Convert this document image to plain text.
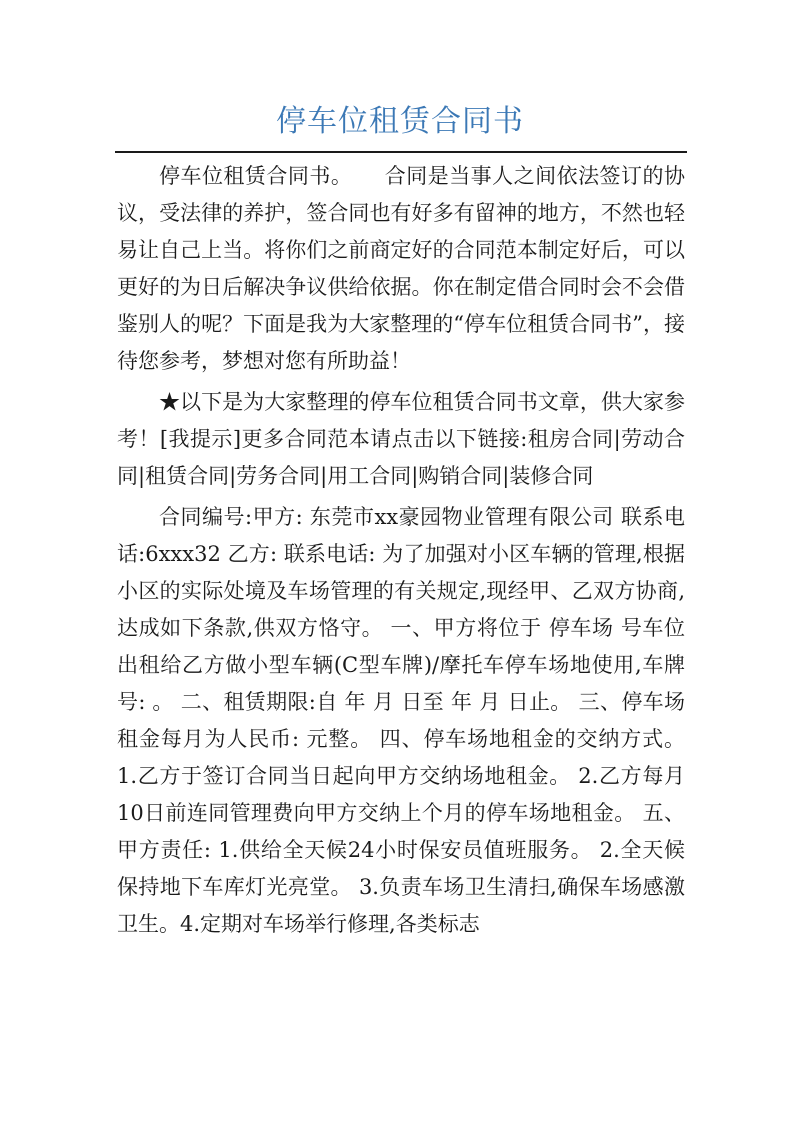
停车位租赁合同书

停车位租赁合同书。　　合同是当事人之间依法签订的协议，受法律的养护，签合同也有好多有留神的地方，不然也轻易让自己上当。将你们之前商定好的合同范本制定好后，可以更好的为日后解决争议供给依据。你在制定借合同时会不会借鉴别人的呢？下面是我为大家整理的“停车位租赁合同书”，接待您参考，梦想对您有所助益！

★以下是为大家整理的停车位租赁合同书文章，供大家参考！[我提示]更多合同范本请点击以下链接:租房合同|劳动合同|租赁合同|劳务合同|用工合同|购销合同|装修合同

合同编号:甲方: 东莞市xx豪园物业管理有限公司 联系电话:6xxx32 乙方: 联系电话: 为了加强对小区车辆的管理,根据小区的实际处境及车场管理的有关规定,现经甲、乙双方协商,达成如下条款,供双方恪守。 一、甲方将位于 停车场 号车位出租给乙方做小型车辆(C型车牌)/摩托车停车场地使用,车牌号: 。 二、租赁期限:自 年 月 日至 年 月 日止。 三、停车场租金每月为人民币: 元整。 四、停车场地租金的交纳方式。 1.乙方于签订合同当日起向甲方交纳场地租金。 2.乙方每月10日前连同管理费向甲方交纳上个月的停车场地租金。 五、甲方责任: 1.供给全天候24小时保安员值班服务。 2.全天候保持地下车库灯光亮堂。 3.负责车场卫生清扫,确保车场感激卫生。4.定期对车场举行修理,各类标志
